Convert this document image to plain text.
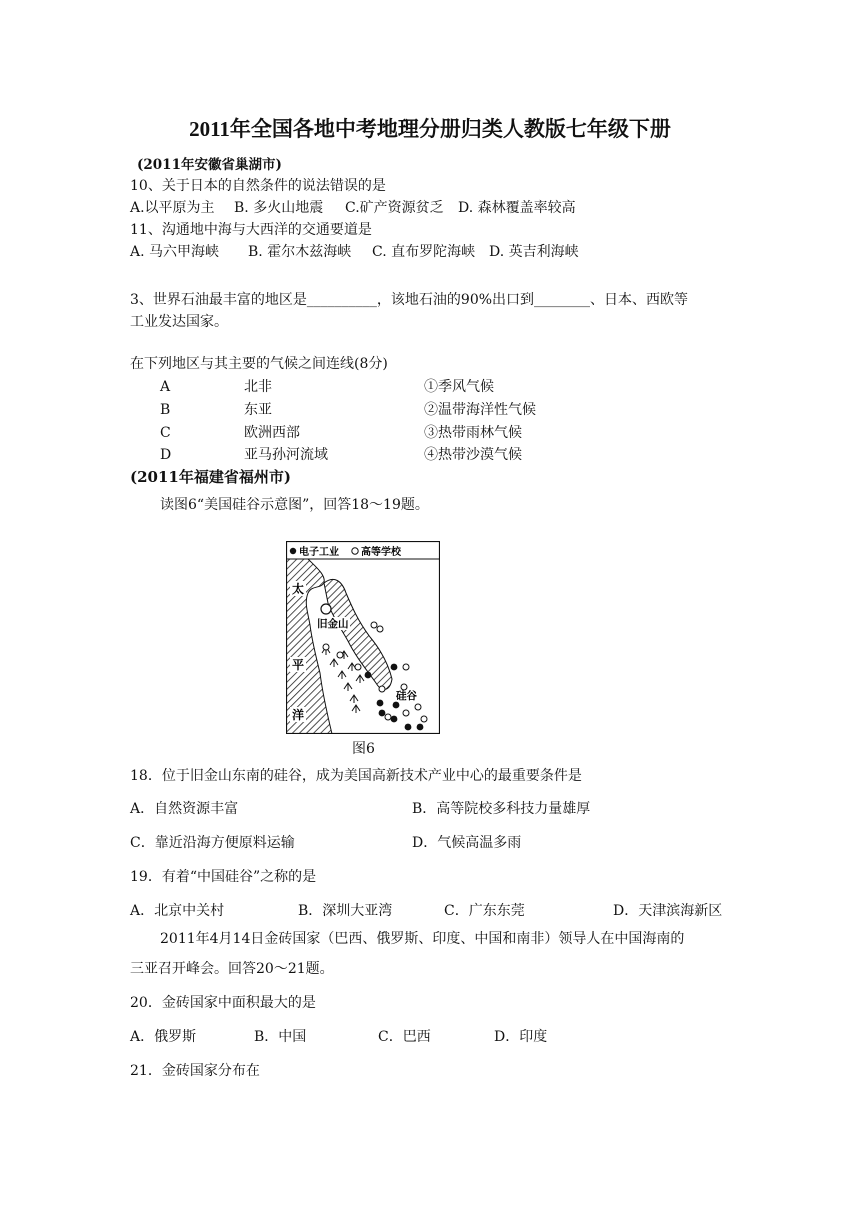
2011年全国各地中考地理分册归类人教版七年级下册
(2011年安徽省巢湖市)
10、关于日本的自然条件的说法错误的是
A.以平原为主 B. 多火山地震 C.矿产资源贫乏 D. 森林覆盖率较高
11、沟通地中海与大西洋的交通要道是
A. 马六甲海峡 B. 霍尔木兹海峡 C. 直布罗陀海峡 D. 英吉利海峡
3、世界石油最丰富的地区是__________，该地石油的90%出口到________、日本、西欧等
工业发达国家。
在下列地区与其主要的气候之间连线(8分)
A	北非	①季风气候
B	东亚	②温带海洋性气候
C	欧洲西部	③热带雨林气候
D	亚马孙河流域	④热带沙漠气候
(2011年福建省福州市)
读图6“美国硅谷示意图”，回答18～19题。
电子工业 高等学校
太
平
洋
旧金山
硅谷
图6
18．位于旧金山东南的硅谷，成为美国高新技术产业中心的最重要条件是
A．自然资源丰富	B．高等院校多科技力量雄厚
C．靠近沿海方便原料运输	D．气候高温多雨
19．有着“中国硅谷”之称的是
A．北京中关村	B．深圳大亚湾	C．广东东莞	D．天津滨海新区
2011年4月14日金砖国家（巴西、俄罗斯、印度、中国和南非）领导人在中国海南的
三亚召开峰会。回答20～21题。
20．金砖国家中面积最大的是
A．俄罗斯	B．中国	C．巴西	D．印度
21．金砖国家分布在
